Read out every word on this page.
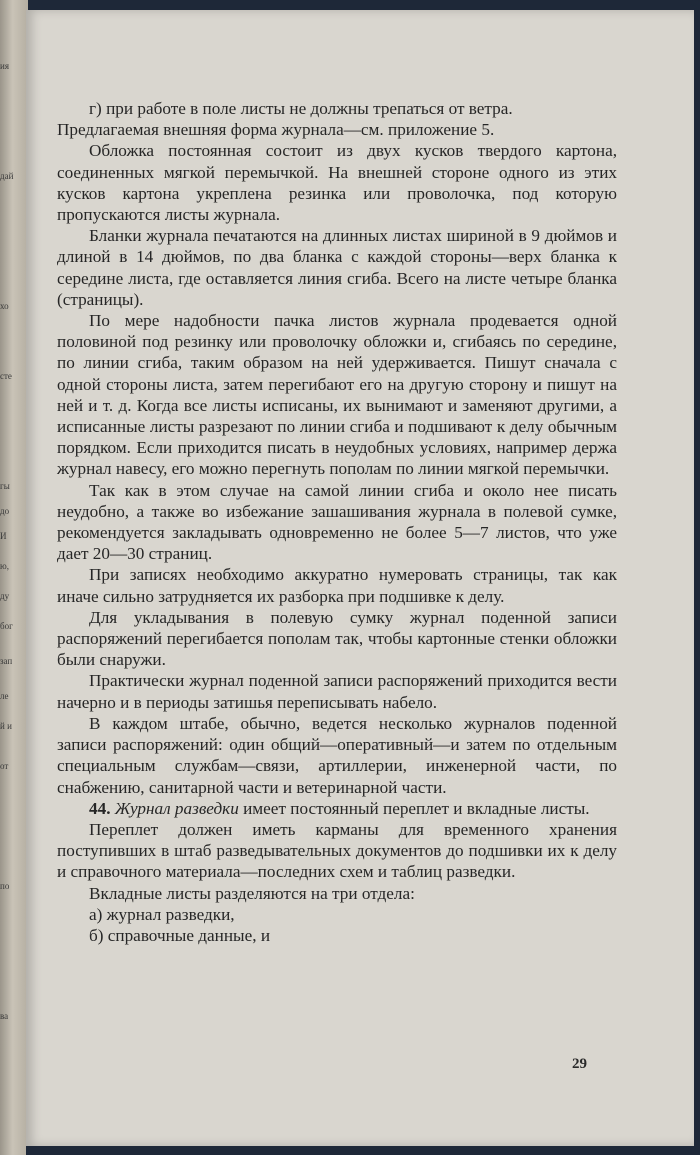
ия
дай
хо
сте
гы
до
И
ю,
ду
бог
зап
ле
й и
от
по
ва

г) при работе в поле листы не должны трепаться от ветра.

Предлагаемая внешняя форма журнала—см. приложение 5.

Обложка постоянная состоит из двух кусков твердого картона, соединенных мягкой перемычкой. На внешней стороне одного из этих кусков картона укреплена резинка или проволочка, под которую пропускаются листы журнала.

Бланки журнала печатаются на длинных листах шириной в 9 дюймов и длиной в 14 дюймов, по два бланка с каждой стороны—верх бланка к середине листа, где оставляется линия сгиба. Всего на листе четыре бланка (страницы).

По мере надобности пачка листов журнала продевается одной половиной под резинку или проволочку обложки и, сгибаясь по середине, по линии сгиба, таким образом на ней удерживается. Пишут сначала с одной стороны листа, затем перегибают его на другую сторону и пишут на ней и т. д. Когда все листы исписаны, их вынимают и заменяют другими, а исписанные листы разрезают по линии сгиба и подшивают к делу обычным порядком. Если приходится писать в неудобных условиях, например держа журнал навесу, его можно перегнуть пополам по линии мягкой перемычки.

Так как в этом случае на самой линии сгиба и около нее писать неудобно, а также во избежание зашашивания журнала в полевой сумке, рекомендуется закладывать одновременно не более 5—7 листов, что уже дает 20—30 страниц.

При записях необходимо аккуратно нумеровать страницы, так как иначе сильно затрудняется их разборка при подшивке к делу.

Для укладывания в полевую сумку журнал поденной записи распоряжений перегибается пополам так, чтобы картонные стенки обложки были снаружи.

Практически журнал поденной записи распоряжений приходится вести начерно и в периоды затишья переписывать набело.

В каждом штабе, обычно, ведется несколько журналов поденной записи распоряжений: один общий—оперативный—и затем по отдельным специальным службам—связи, артиллерии, инженерной части, по снабжению, санитарной части и ветеринарной части.

44. Журнал разведки имеет постоянный переплет и вкладные листы.

Переплет должен иметь карманы для временного хранения поступивших в штаб разведывательных документов до подшивки их к делу и справочного материала—последних схем и таблиц разведки.

Вкладные листы разделяются на три отдела:

а) журнал разведки,

б) справочные данные, и

29
